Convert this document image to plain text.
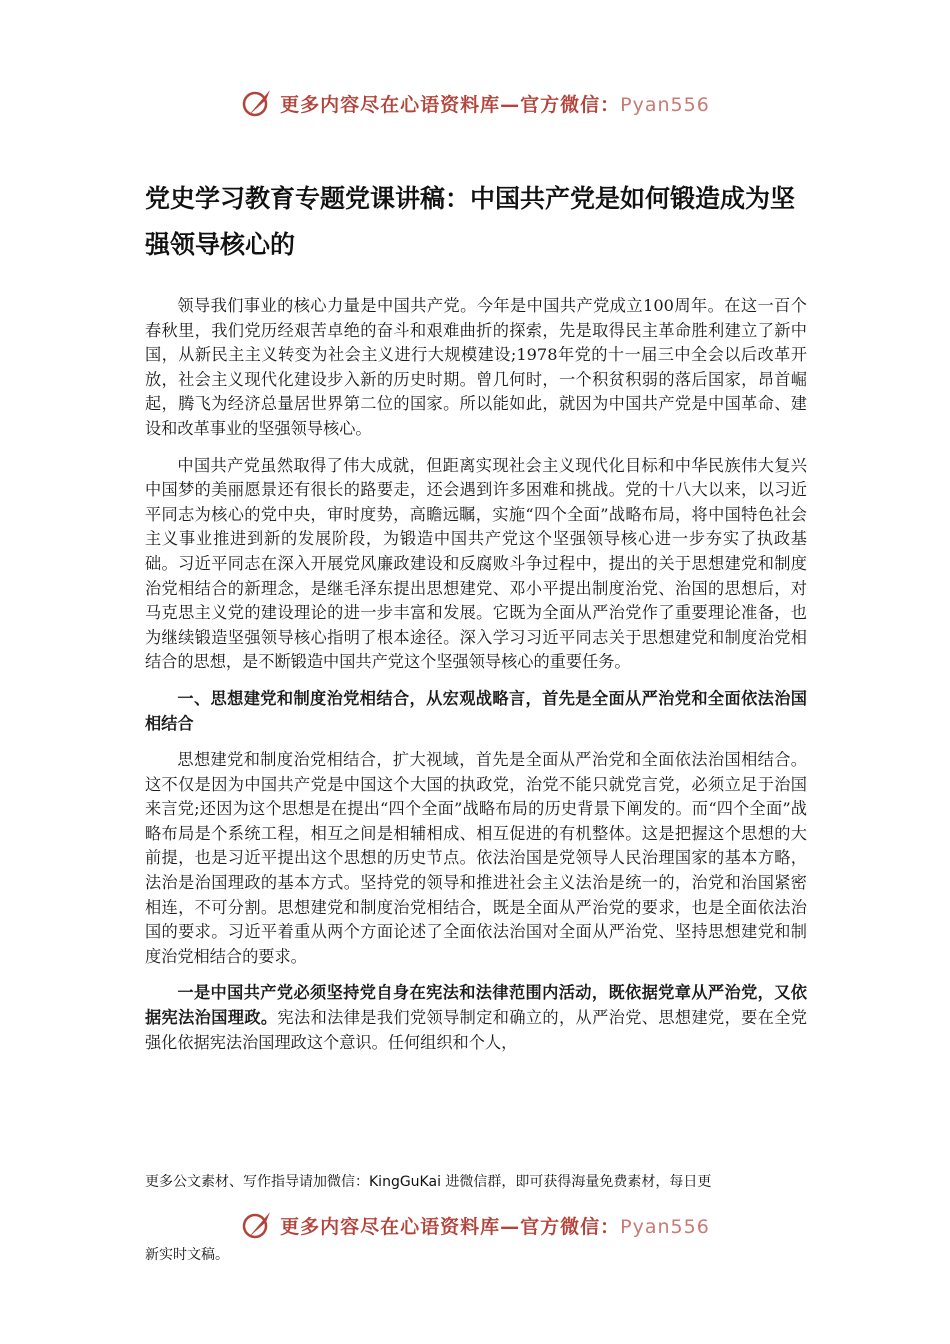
更多内容尽在心语资料库—官方微信：Pyan556
党史学习教育专题党课讲稿：中国共产党是如何锻造成为坚强领导核心的

领导我们事业的核心力量是中国共产党。今年是中国共产党成立100周年。在这一百个春秋里，我们党历经艰苦卓绝的奋斗和艰难曲折的探索，先是取得民主革命胜利建立了新中国，从新民主主义转变为社会主义进行大规模建设;1978年党的十一届三中全会以后改革开放，社会主义现代化建设步入新的历史时期。曾几何时，一个积贫积弱的落后国家，昂首崛起，腾飞为经济总量居世界第二位的国家。所以能如此，就因为中国共产党是中国革命、建设和改革事业的坚强领导核心。

中国共产党虽然取得了伟大成就，但距离实现社会主义现代化目标和中华民族伟大复兴中国梦的美丽愿景还有很长的路要走，还会遇到许多困难和挑战。党的十八大以来，以习近平同志为核心的党中央，审时度势，高瞻远瞩，实施“四个全面”战略布局，将中国特色社会主义事业推进到新的发展阶段，为锻造中国共产党这个坚强领导核心进一步夯实了执政基础。习近平同志在深入开展党风廉政建设和反腐败斗争过程中，提出的关于思想建党和制度治党相结合的新理念，是继毛泽东提出思想建党、邓小平提出制度治党、治国的思想后，对马克思主义党的建设理论的进一步丰富和发展。它既为全面从严治党作了重要理论准备，也为继续锻造坚强领导核心指明了根本途径。深入学习习近平同志关于思想建党和制度治党相结合的思想，是不断锻造中国共产党这个坚强领导核心的重要任务。

一、思想建党和制度治党相结合，从宏观战略言，首先是全面从严治党和全面依法治国相结合

思想建党和制度治党相结合，扩大视域，首先是全面从严治党和全面依法治国相结合。这不仅是因为中国共产党是中国这个大国的执政党，治党不能只就党言党，必须立足于治国来言党;还因为这个思想是在提出“四个全面”战略布局的历史背景下阐发的。而“四个全面”战略布局是个系统工程，相互之间是相辅相成、相互促进的有机整体。这是把握这个思想的大前提，也是习近平提出这个思想的历史节点。依法治国是党领导人民治理国家的基本方略，法治是治国理政的基本方式。坚持党的领导和推进社会主义法治是统一的，治党和治国紧密相连，不可分割。思想建党和制度治党相结合，既是全面从严治党的要求，也是全面依法治国的要求。习近平着重从两个方面论述了全面依法治国对全面从严治党、坚持思想建党和制度治党相结合的要求。

一是中国共产党必须坚持党自身在宪法和法律范围内活动，既依据党章从严治党，又依据宪法治国理政。宪法和法律是我们党领导制定和确立的，从严治党、思想建党，要在全党强化依据宪法治国理政这个意识。任何组织和个人，

更多公文素材、写作指导请加微信：KingGuKai 进微信群，即可获得海量免费素材，每日更
更多内容尽在心语资料库—官方微信：Pyan556
新实时文稿。
